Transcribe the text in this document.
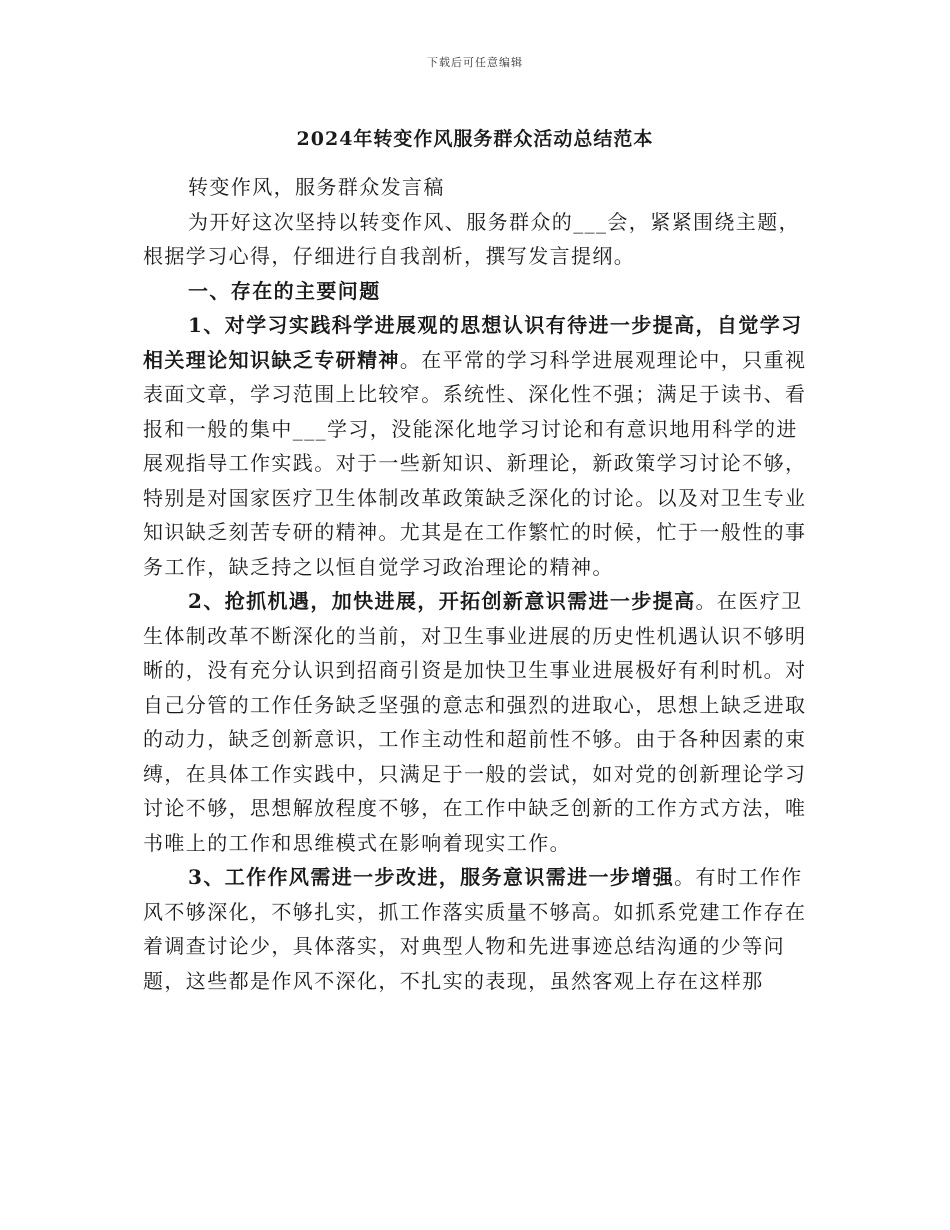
下载后可任意编辑
2024年转变作风服务群众活动总结范本

转变作风，服务群众发言稿

为开好这次坚持以转变作风、服务群众的___会，紧紧围绕主题，根据学习心得，仔细进行自我剖析，撰写发言提纲。

一、存在的主要问题

1、对学习实践科学进展观的思想认识有待进一步提高，自觉学习相关理论知识缺乏专研精神。在平常的学习科学进展观理论中，只重视表面文章，学习范围上比较窄。系统性、深化性不强；满足于读书、看报和一般的集中___学习，没能深化地学习讨论和有意识地用科学的进展观指导工作实践。对于一些新知识、新理论，新政策学习讨论不够，特别是对国家医疗卫生体制改革政策缺乏深化的讨论。以及对卫生专业知识缺乏刻苦专研的精神。尤其是在工作繁忙的时候，忙于一般性的事务工作，缺乏持之以恒自觉学习政治理论的精神。

2、抢抓机遇，加快进展，开拓创新意识需进一步提高。在医疗卫生体制改革不断深化的当前，对卫生事业进展的历史性机遇认识不够明晰的，没有充分认识到招商引资是加快卫生事业进展极好有利时机。对自己分管的工作任务缺乏坚强的意志和强烈的进取心，思想上缺乏进取的动力，缺乏创新意识，工作主动性和超前性不够。由于各种因素的束缚，在具体工作实践中，只满足于一般的尝试，如对党的创新理论学习讨论不够，思想解放程度不够，在工作中缺乏创新的工作方式方法，唯书唯上的工作和思维模式在影响着现实工作。

3、工作作风需进一步改进，服务意识需进一步增强。有时工作作风不够深化，不够扎实，抓工作落实质量不够高。如抓系党建工作存在着调查讨论少，具体落实，对典型人物和先进事迹总结沟通的少等问题，这些都是作风不深化，不扎实的表现，虽然客观上存在这样那
